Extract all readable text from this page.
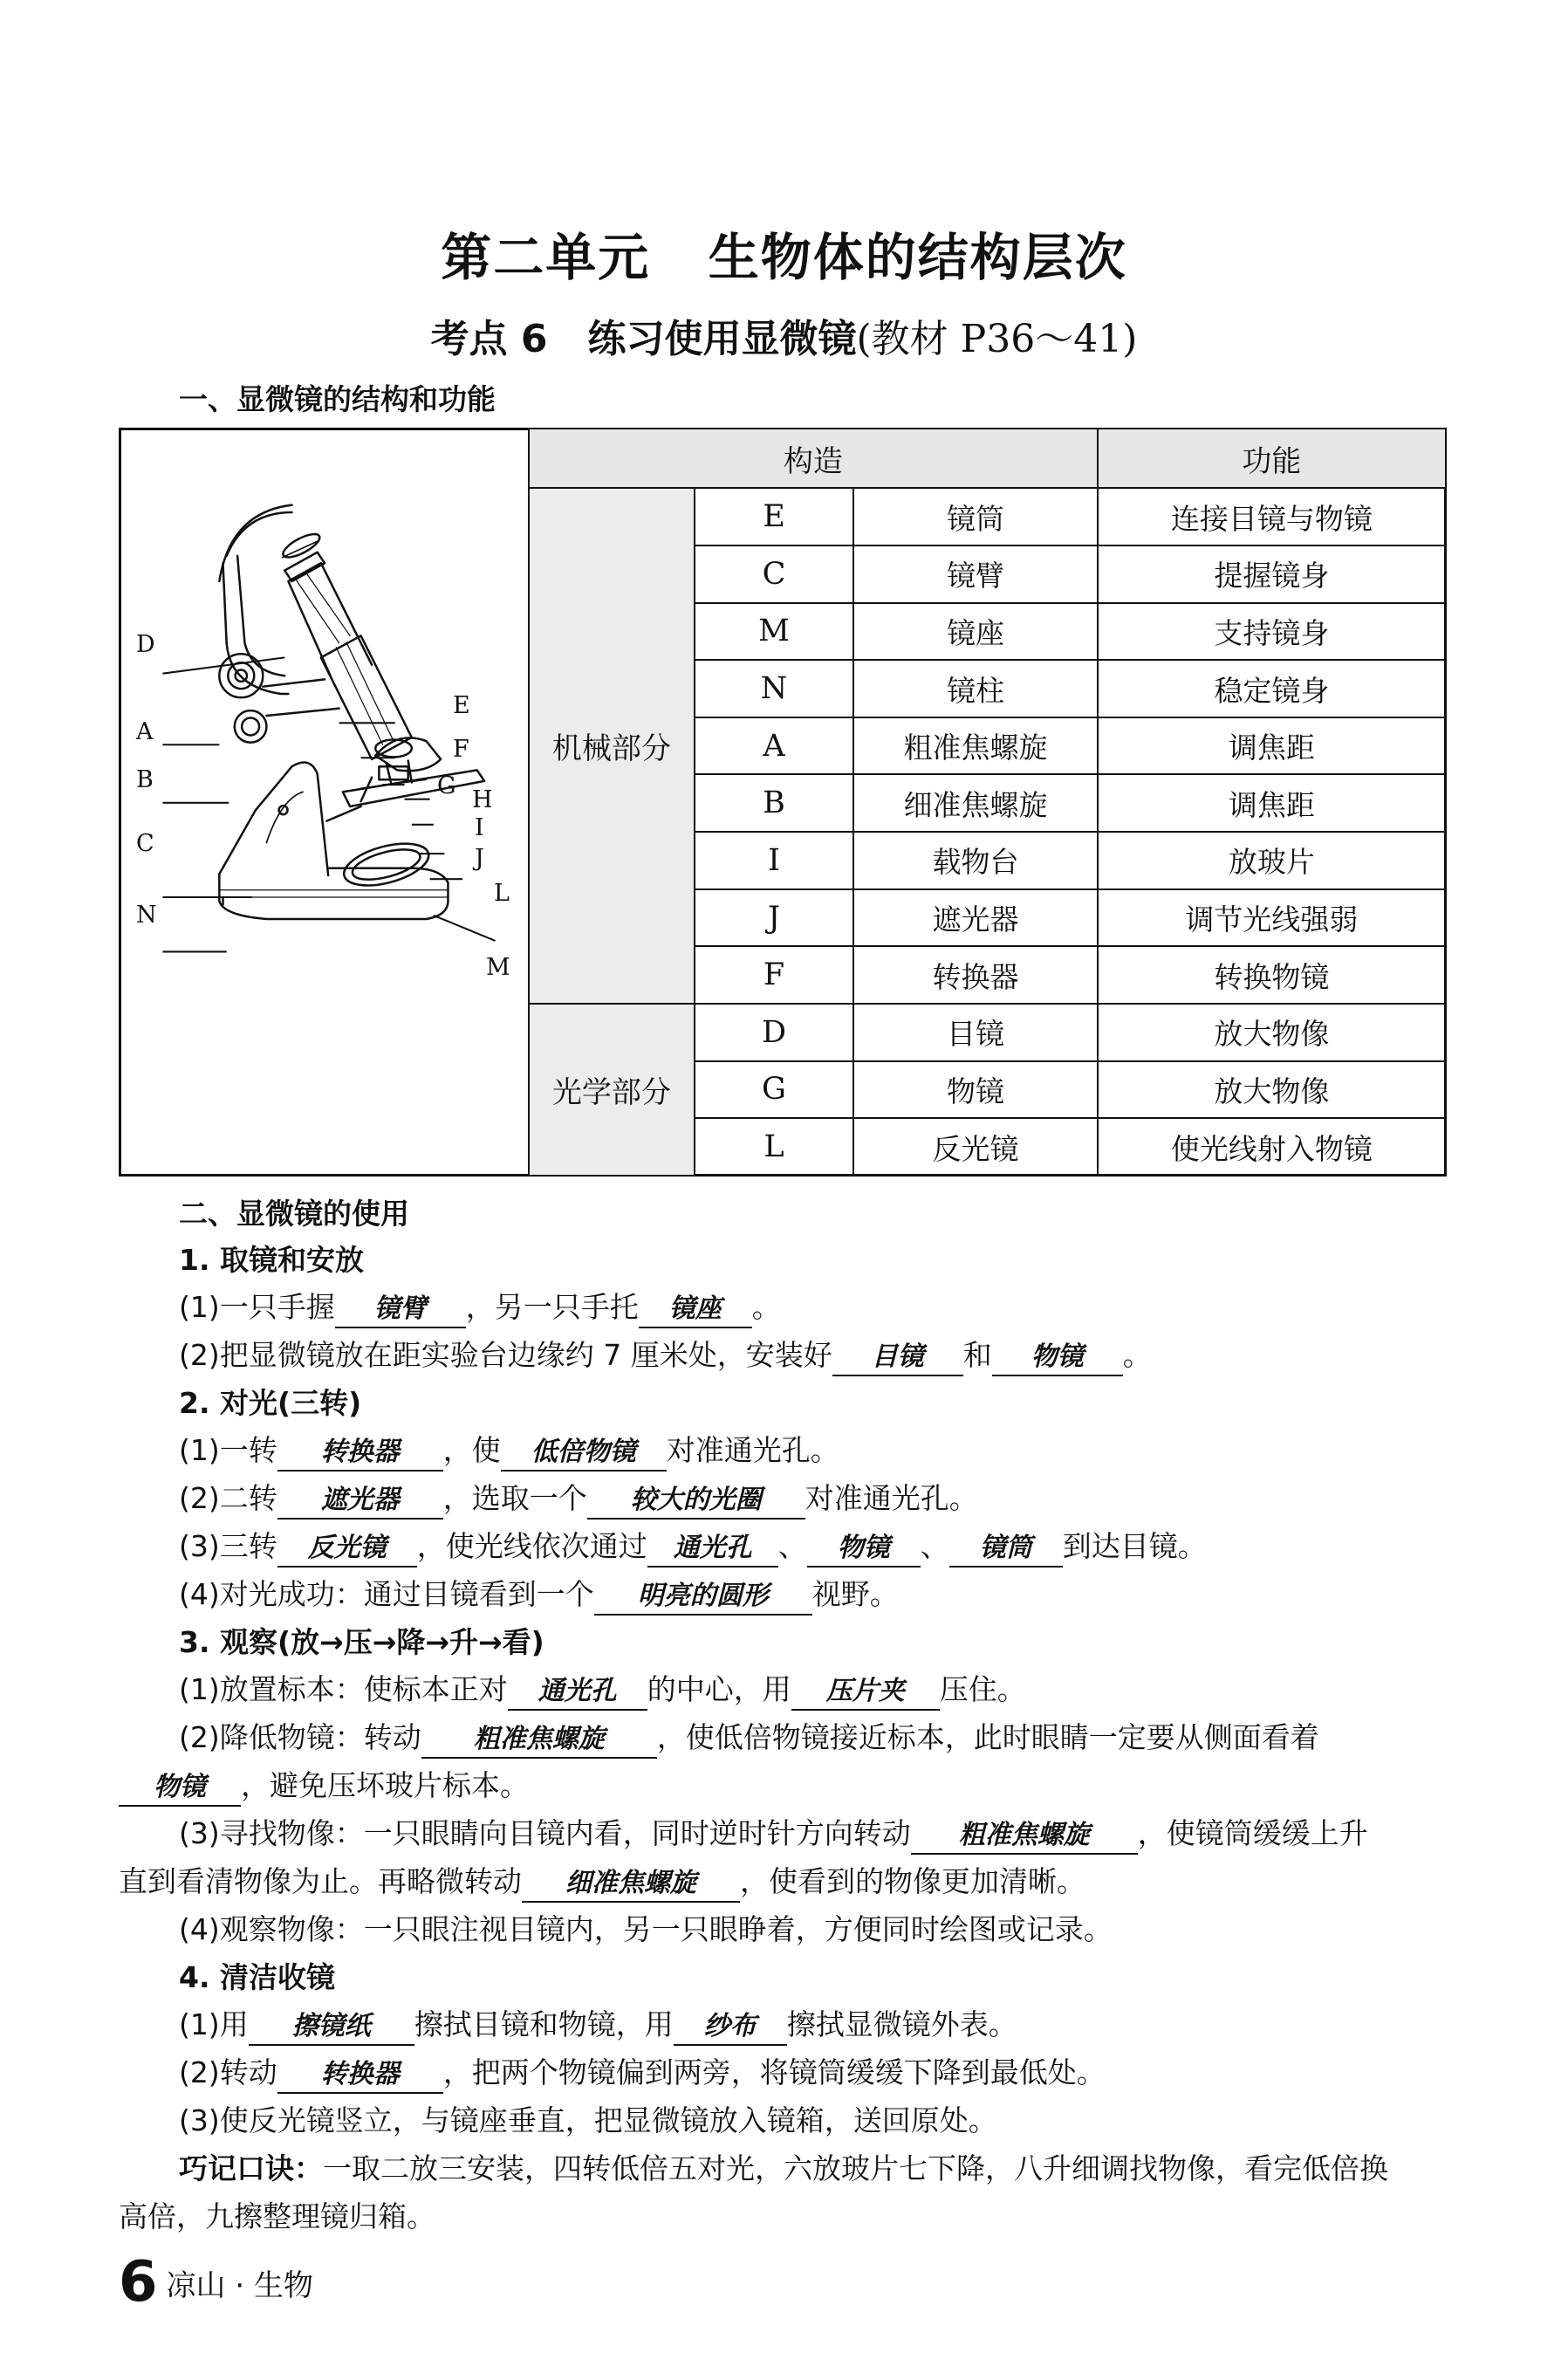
第二单元   生物体的结构层次
考点 6 练习使用显微镜(教材 P36～41)
一、显微镜的结构和功能
D
A
B
C
N
E
F
G
H
I
J
L
M
构造			功能
机械部分	E	镜筒	连接目镜与物镜
	C	镜臂	提握镜身
	M	镜座	支持镜身
	N	镜柱	稳定镜身
	A	粗准焦螺旋	调焦距
	B	细准焦螺旋	调焦距
	I	载物台	放玻片
	J	遮光器	调节光线强弱
	F	转换器	转换物镜
光学部分	D	目镜	放大物像
	G	物镜	放大物像
	L	反光镜	使光线射入物镜
二、显微镜的使用
1. 取镜和安放
(1)一只手握 镜臂 ，另一只手托 镜座 。
(2)把显微镜放在距实验台边缘约 7 厘米处，安装好 目镜 和 物镜 。
2. 对光(三转)
(1)一转 转换器 ，使 低倍物镜 对准通光孔。
(2)二转 遮光器 ，选取一个 较大的光圈 对准通光孔。
(3)三转 反光镜 ，使光线依次通过 通光孔 、 物镜 、 镜筒 到达目镜。
(4)对光成功：通过目镜看到一个 明亮的圆形 视野。
3. 观察(放→压→降→升→看)
(1)放置标本：使标本正对 通光孔 的中心，用 压片夹 压住。
(2)降低物镜：转动 粗准焦螺旋 ，使低倍物镜接近标本，此时眼睛一定要从侧面看着
物镜 ，避免压坏玻片标本。
(3)寻找物像：一只眼睛向目镜内看，同时逆时针方向转动 粗准焦螺旋 ，使镜筒缓缓上升
直到看清物像为止。再略微转动 细准焦螺旋 ，使看到的物像更加清晰。
(4)观察物像：一只眼注视目镜内，另一只眼睁着，方便同时绘图或记录。
4. 清洁收镜
(1)用 擦镜纸 擦拭目镜和物镜，用 纱布 擦拭显微镜外表。
(2)转动 转换器 ，把两个物镜偏到两旁，将镜筒缓缓下降到最低处。
(3)使反光镜竖立，与镜座垂直，把显微镜放入镜箱，送回原处。
巧记口诀：一取二放三安装，四转低倍五对光，六放玻片七下降，八升细调找物像，看完低倍换
高倍，九擦整理镜归箱。
6 凉山 · 生物
